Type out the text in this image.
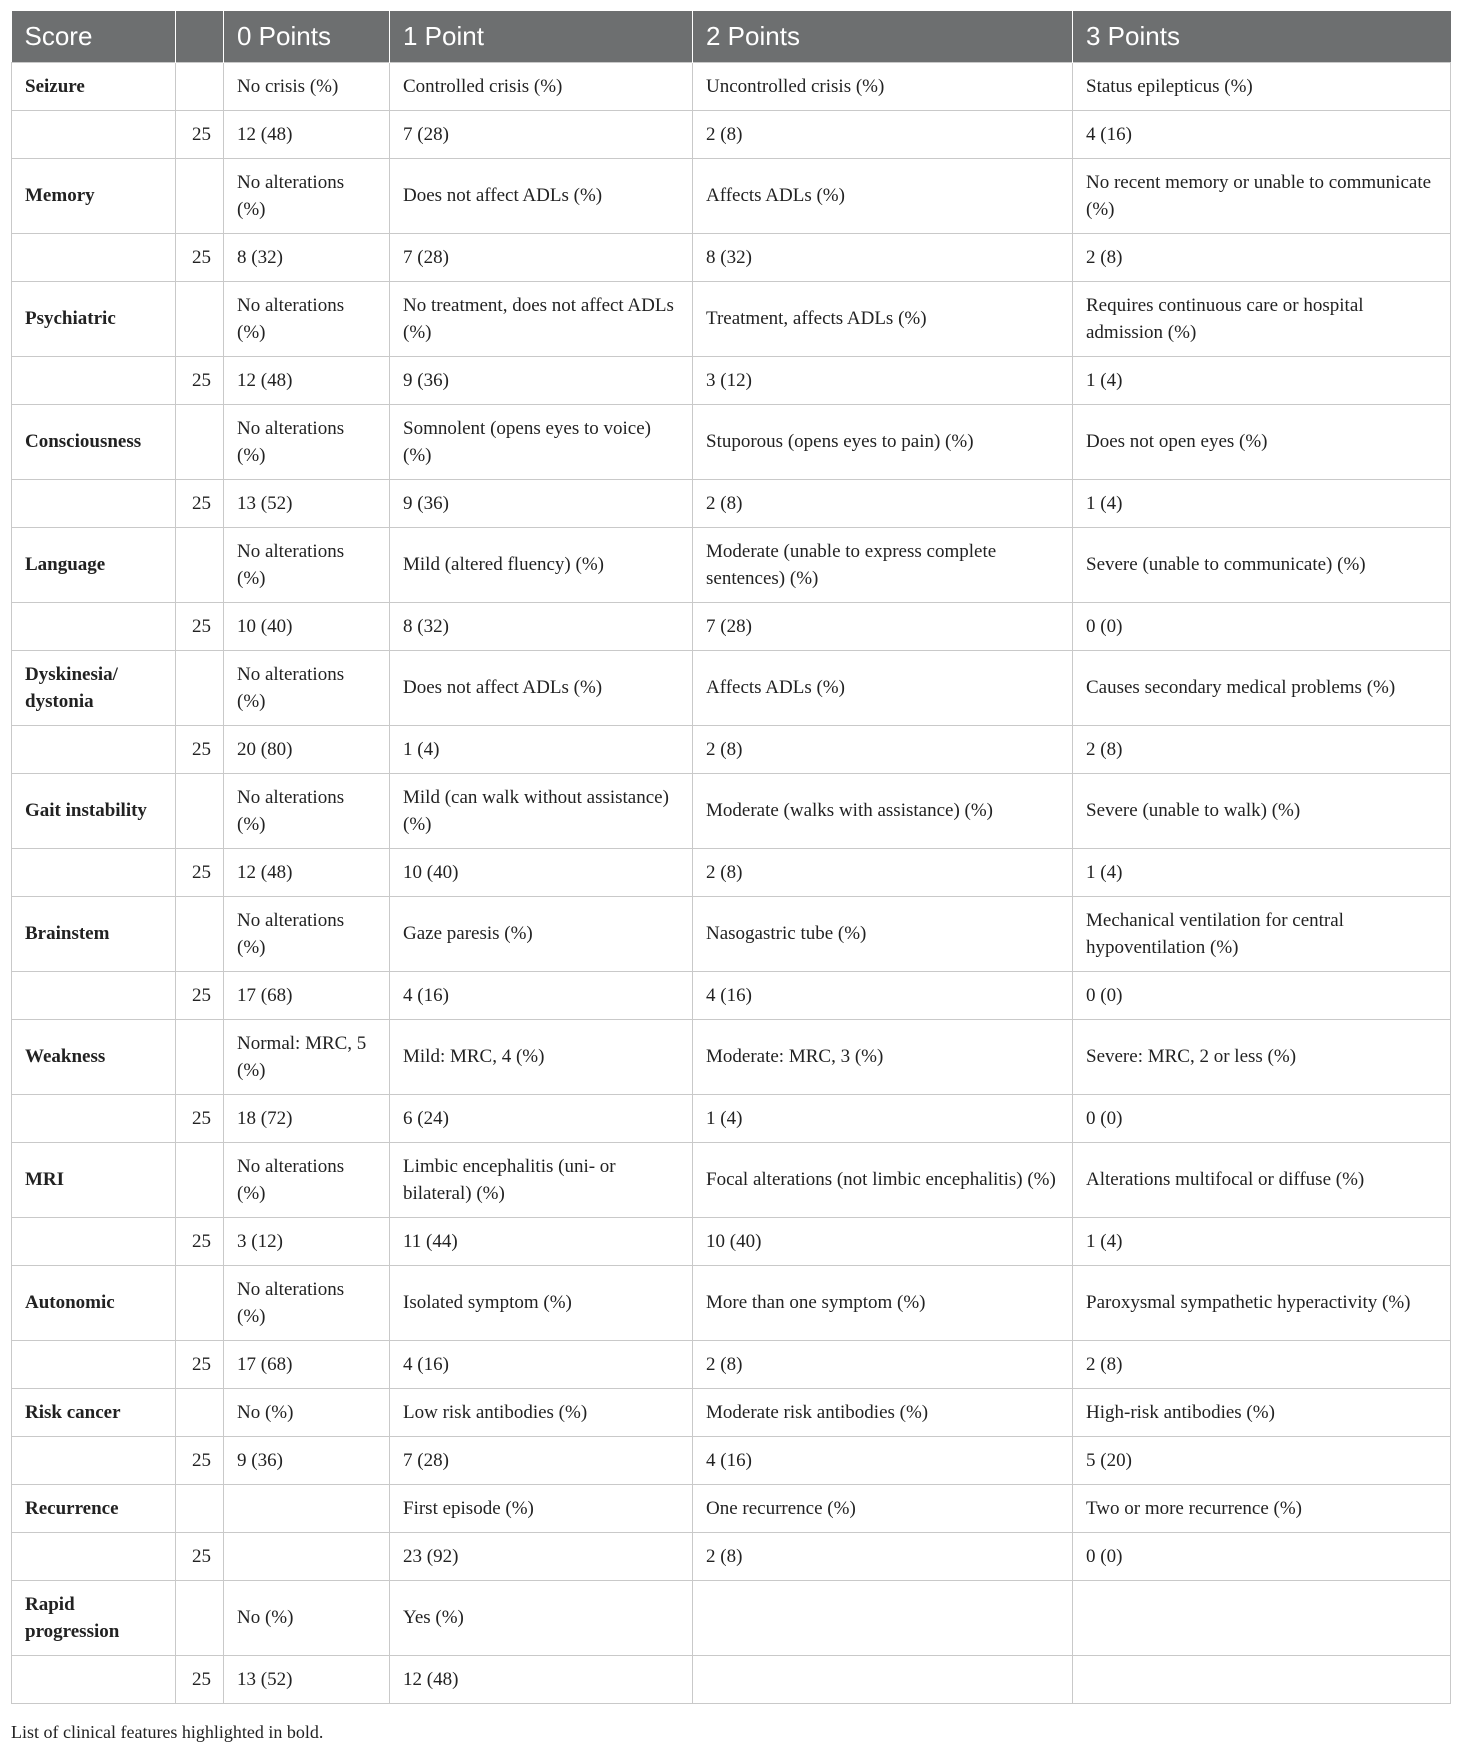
Score		0 Points	1 Point	2 Points	3 Points
Seizure		No crisis (%)	Controlled crisis (%)	Uncontrolled crisis (%)	Status epilepticus (%)
	25	12 (48)	7 (28)	2 (8)	4 (16)
Memory		No alterations (%)	Does not affect ADLs (%)	Affects ADLs (%)	No recent memory or unable to communicate (%)
	25	8 (32)	7 (28)	8 (32)	2 (8)
Psychiatric		No alterations (%)	No treatment, does not affect ADLs (%)	Treatment, affects ADLs (%)	Requires continuous care or hospital admission (%)
	25	12 (48)	9 (36)	3 (12)	1 (4)
Consciousness		No alterations (%)	Somnolent (opens eyes to voice) (%)	Stuporous (opens eyes to pain) (%)	Does not open eyes (%)
	25	13 (52)	9 (36)	2 (8)	1 (4)
Language		No alterations (%)	Mild (altered fluency) (%)	Moderate (unable to express complete sentences) (%)	Severe (unable to communicate) (%)
	25	10 (40)	8 (32)	7 (28)	0 (0)
Dyskinesia/ dystonia		No alterations (%)	Does not affect ADLs (%)	Affects ADLs (%)	Causes secondary medical problems (%)
	25	20 (80)	1 (4)	2 (8)	2 (8)
Gait instability		No alterations (%)	Mild (can walk without assistance) (%)	Moderate (walks with assistance) (%)	Severe (unable to walk) (%)
	25	12 (48)	10 (40)	2 (8)	1 (4)
Brainstem		No alterations (%)	Gaze paresis (%)	Nasogastric tube (%)	Mechanical ventilation for central hypoventilation (%)
	25	17 (68)	4 (16)	4 (16)	0 (0)
Weakness		Normal: MRC, 5 (%)	Mild: MRC, 4 (%)	Moderate: MRC, 3 (%)	Severe: MRC, 2 or less (%)
	25	18 (72)	6 (24)	1 (4)	0 (0)
MRI		No alterations (%)	Limbic encephalitis (uni- or bilateral) (%)	Focal alterations (not limbic encephalitis) (%)	Alterations multifocal or diffuse (%)
	25	3 (12)	11 (44)	10 (40)	1 (4)
Autonomic		No alterations (%)	Isolated symptom (%)	More than one symptom (%)	Paroxysmal sympathetic hyperactivity (%)
	25	17 (68)	4 (16)	2 (8)	2 (8)
Risk cancer		No (%)	Low risk antibodies (%)	Moderate risk antibodies (%)	High-risk antibodies (%)
	25	9 (36)	7 (28)	4 (16)	5 (20)
Recurrence			First episode (%)	One recurrence (%)	Two or more recurrence (%)
	25		23 (92)	2 (8)	0 (0)
Rapid progression		No (%)	Yes (%)		
	25	13 (52)	12 (48)		
List of clinical features highlighted in bold.
